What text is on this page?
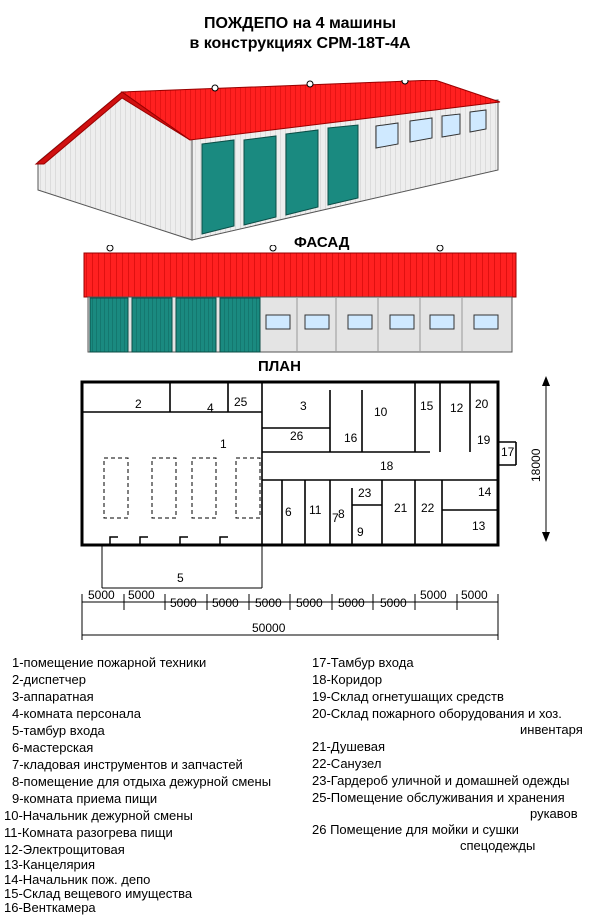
ПОЖДЕПО на 4 машины
в конструкциях СРМ-18Т-4А
ФАСАД
ПЛАН
1
2	3
4
5
6	7 8
9
10
11
12
13
14
15
16
17
18
19
20
21 22
23
25
26
18000
5000 5000
5000 5000 5000 5000 5000 5000
5000 5000
50000
1-помещение пожарной техники
2-диспетчер
3-аппаратная
4-комната персонала
5-тамбур входа
6-мастерская
7-кладовая инструментов и запчастей
8-помещение для отдыха дежурной смены
9-комната приема пищи
10-Начальник дежурной смены
11-Комната разогрева пищи
12-Электрощитовая
13-Канцелярия
14-Начальник пож. депо
15-Склад вещевого имущества
16-Венткамера
17-Тамбур входа
18-Коридор
19-Склад огнетушащих средств
20-Склад пожарного оборудования и хоз.
инвентаря
21-Душевая
22-Санузел
23-Гардероб уличной и домашней одежды
25-Помещение обслуживания и хранения
рукавов
26 Помещение для мойки и сушки
спецодежды
